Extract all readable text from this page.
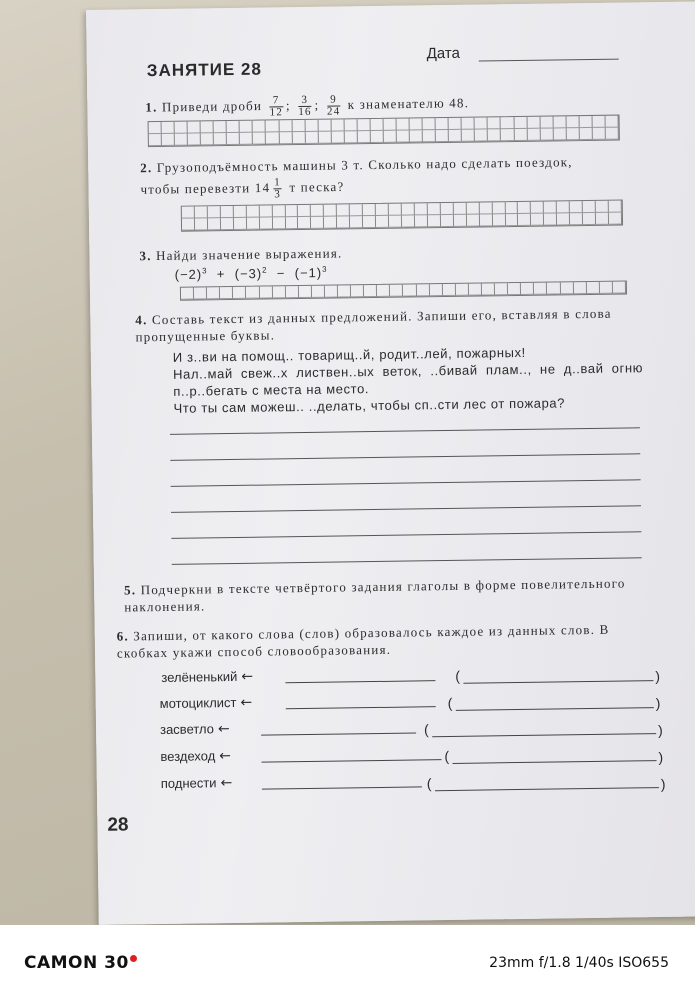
ЗАНЯТИЕ 28
Дата
1. Приведи дроби $\frac{7}{12}$ ; $\frac{3}{16}$ ; $\frac{9}{24}$ к знаменателю 48.
2. Грузоподъёмность машины 3 т. Сколько надо сделать поездок,
чтобы перевезти $14 \frac{1}{3}$ т песка?
3. Найди значение выражения.
$(-2)^3 + (-3)^2 - (-1)^3$
4. Составь текст из данных предложений. Запиши его, вставляя в слова пропущенные буквы.

И з..ви на помощ.. товарищ..й, родит..лей, пожарных!

Нал..май свеж..х листвен..ых веток, ..бивай плам.., не д..вай огню п..р..бегать с места на место.

Что ты сам можеш.. ..делать, чтобы сп..сти лес от пожара?

5. Подчеркни в тексте четвёртого задания глаголы в форме повелительного наклонения.
6. Запиши, от какого слова (слов) образовалось каждое из данных слов. В скобках укажи способ словообразования.
зелёненький ←	(	)
мотоциклист ←	(	)
засветло ←	(	)
вездеход ←	(	)
поднести ←	(	)
28
CAMON 30	23mm f/1.8 1/40s ISO655
